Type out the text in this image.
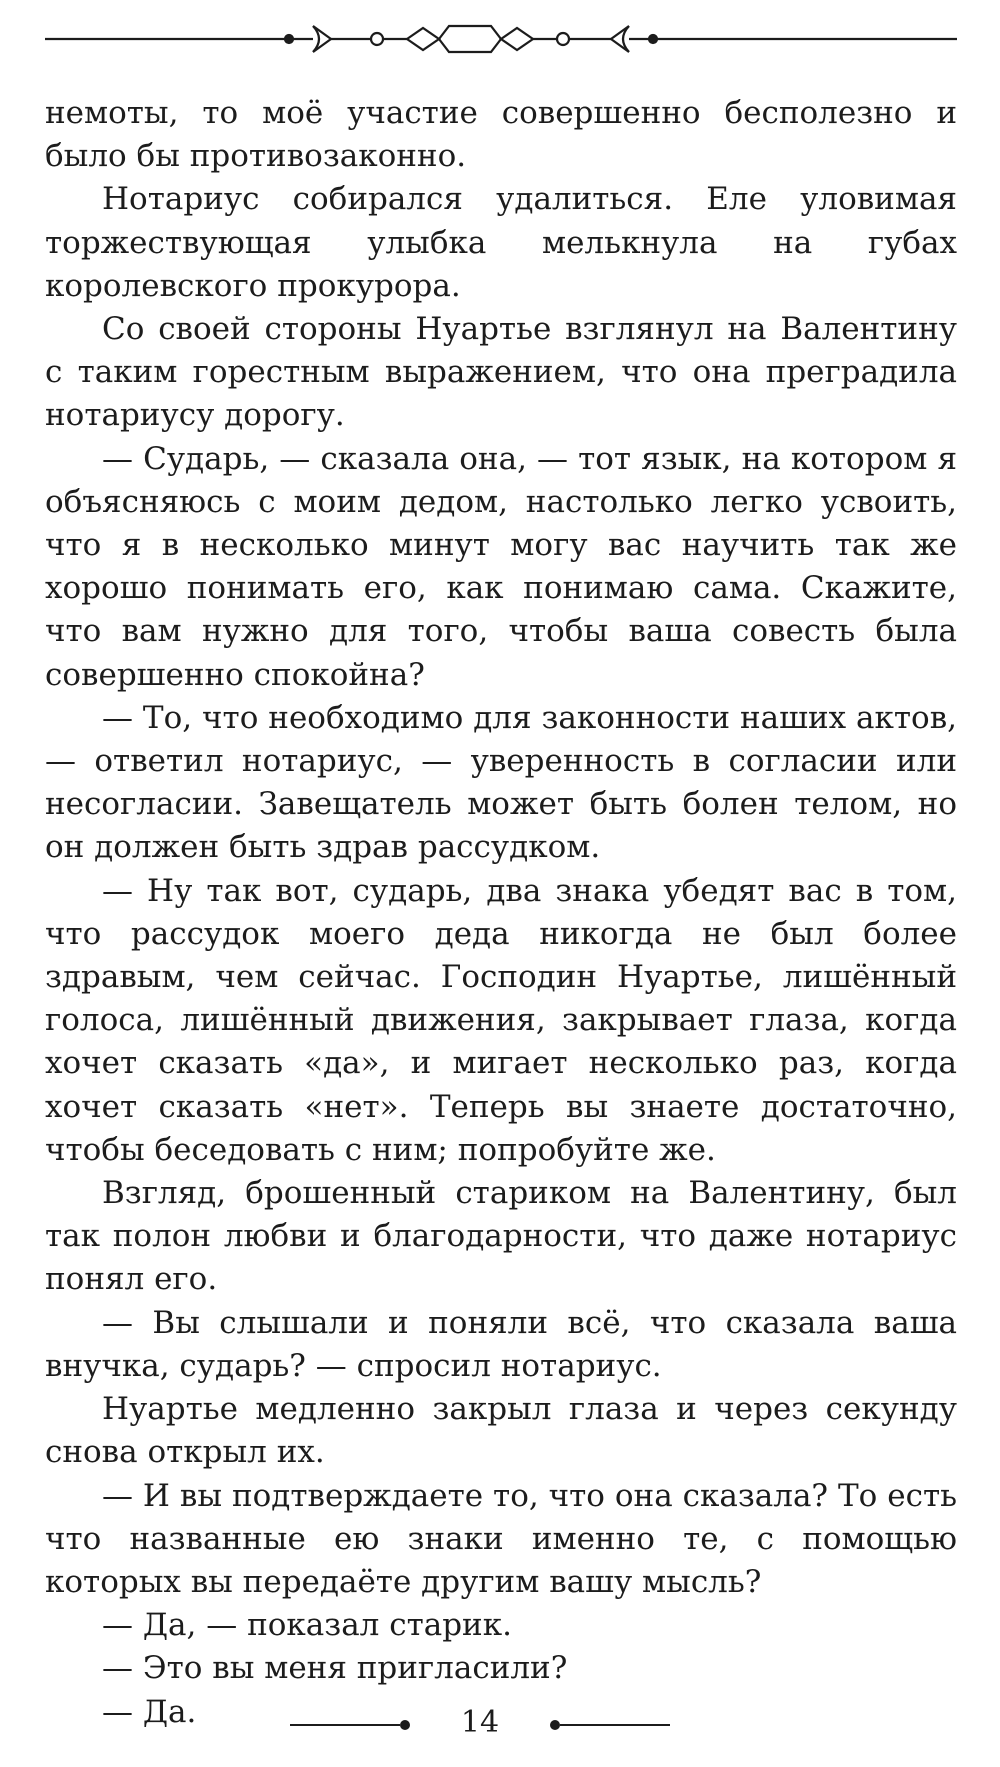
немоты, то моё участие совершенно бесполезно и было бы противозаконно.

Нотариус собирался удалиться. Еле уловимая торжествующая улыбка мелькнула на губах королевского прокурора.

Со своей стороны Нуартье взглянул на Валентину с таким горестным выражением, что она преградила нотариусу дорогу.

— Сударь, — сказала она, — тот язык, на котором я объясняюсь с моим дедом, настолько легко усвоить, что я в несколько минут могу вас научить так же хорошо понимать его, как понимаю сама. Скажите, что вам нужно для того, чтобы ваша совесть была совершенно спокойна?

— То, что необходимо для законности наших актов, — ответил нотариус, — уверенность в согласии или несогласии. Завещатель может быть болен телом, но он должен быть здрав рассудком.

— Ну так вот, сударь, два знака убедят вас в том, что рассудок моего деда никогда не был более здравым, чем сейчас. Господин Нуартье, лишённый голоса, лишённый движения, закрывает глаза, когда хочет сказать «да», и мигает несколько раз, когда хочет сказать «нет». Теперь вы знаете достаточно, чтобы беседовать с ним; попробуйте же.

Взгляд, брошенный стариком на Валентину, был так полон любви и благодарности, что даже нотариус понял его.

— Вы слышали и поняли всё, что сказала ваша внучка, сударь? — спросил нотариус.

Нуартье медленно закрыл глаза и через секунду снова открыл их.

— И вы подтверждаете то, что она сказала? То есть что названные ею знаки именно те, с помощью которых вы передаёте другим вашу мысль?

— Да, — показал старик.

— Это вы меня пригласили?

— Да.	14
